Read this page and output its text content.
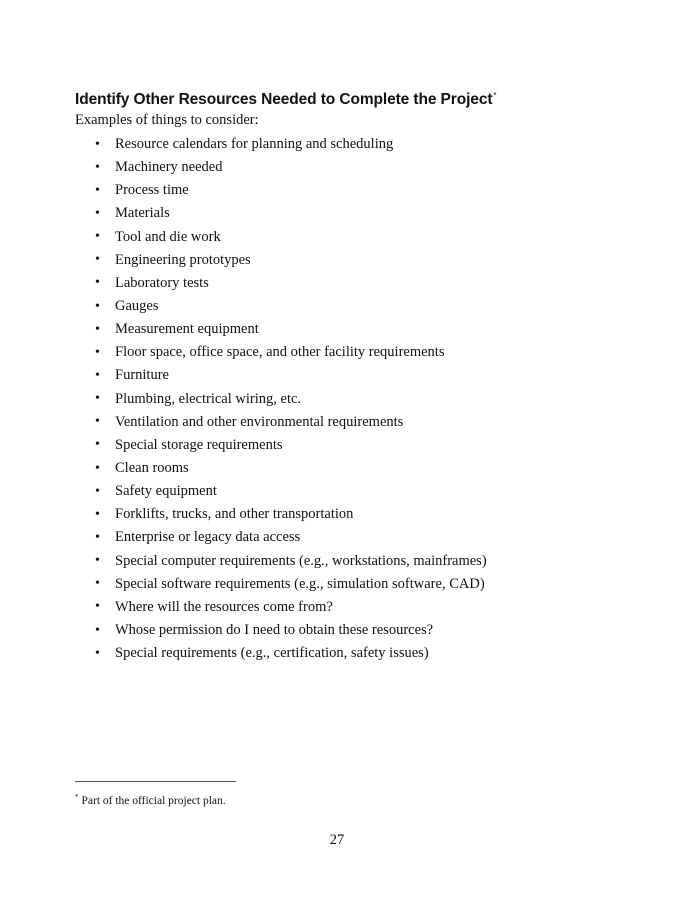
Identify Other Resources Needed to Complete the Project*

Examples of things to consider:

•	Resource calendars for planning and scheduling
•	Machinery needed
•	Process time
•	Materials
•	Tool and die work
•	Engineering prototypes
•	Laboratory tests
•	Gauges
•	Measurement equipment
•	Floor space, office space, and other facility requirements
•	Furniture
•	Plumbing, electrical wiring, etc.
•	Ventilation and other environmental requirements
•	Special storage requirements
•	Clean rooms
•	Safety equipment
•	Forklifts, trucks, and other transportation
•	Enterprise or legacy data access
•	Special computer requirements (e.g., workstations, mainframes)
•	Special software requirements (e.g., simulation software, CAD)
•	Where will the resources come from?
•	Whose permission do I need to obtain these resources?
•	Special requirements (e.g., certification, safety issues)

* Part of the official project plan.

27
